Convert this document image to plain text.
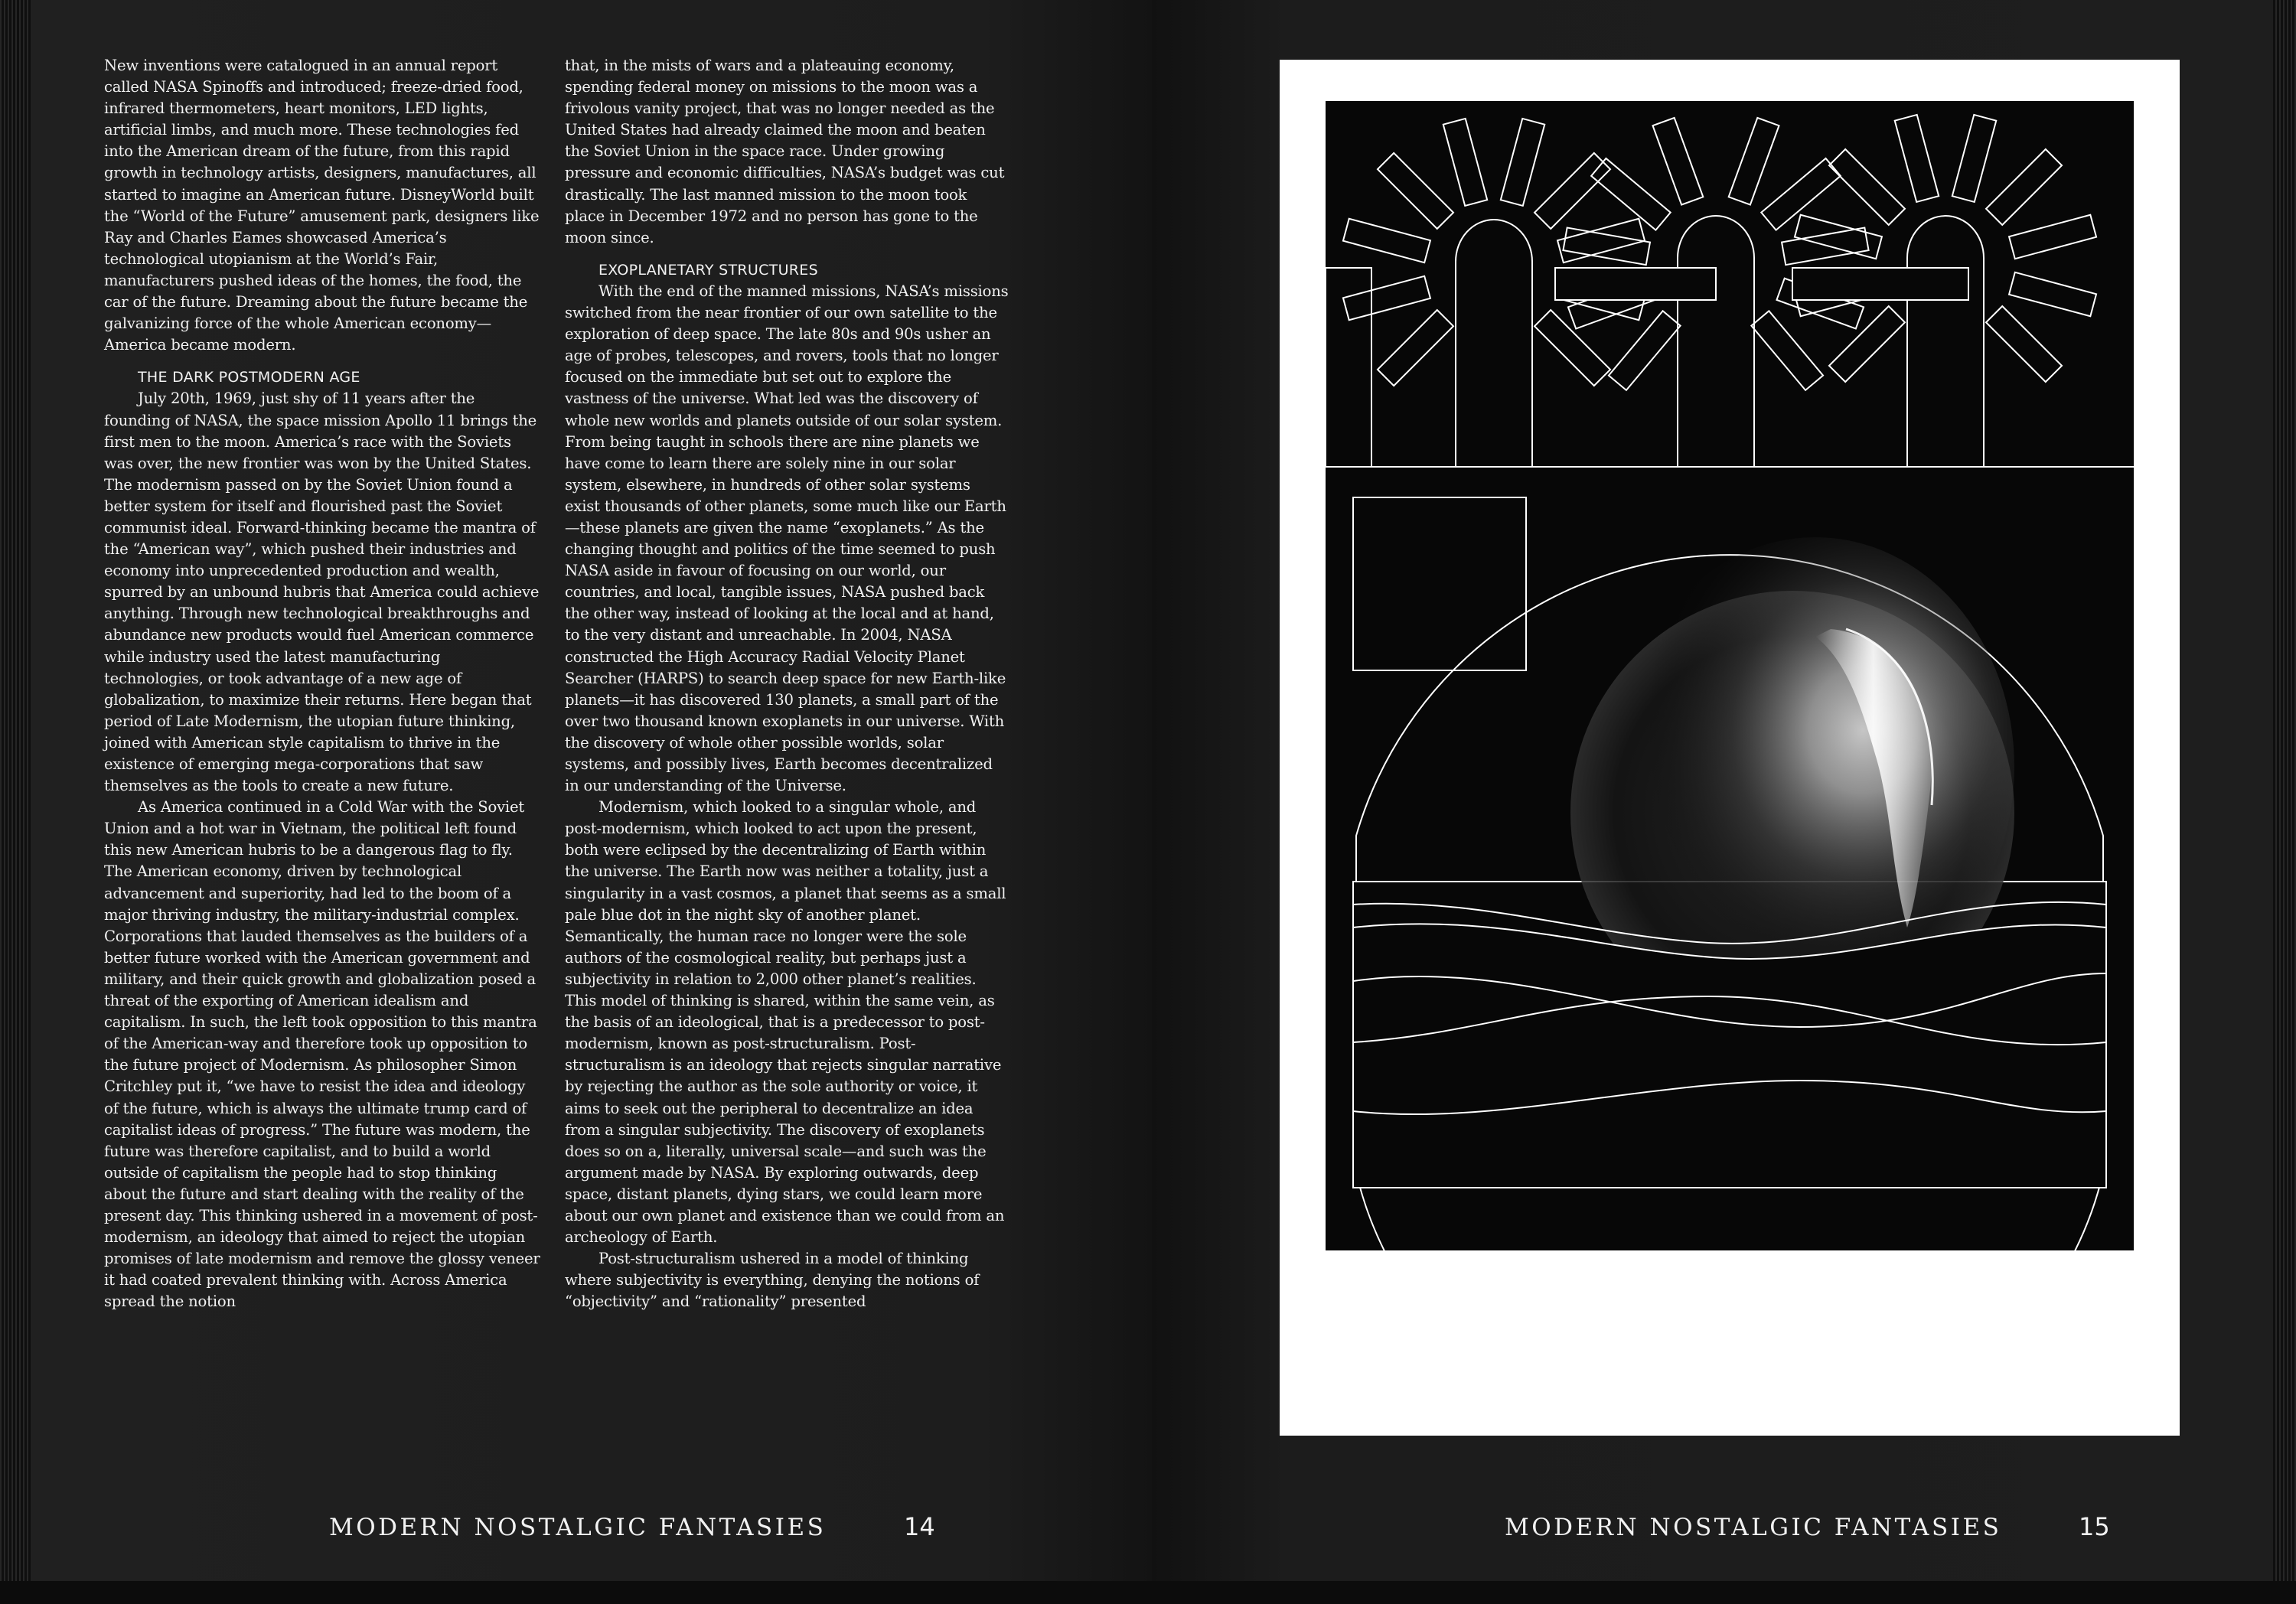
New inventions were catalogued in an annual report called NASA Spinoffs and introduced; freeze-dried food, infrared thermometers, heart monitors, LED lights, artificial limbs, and much more. These technologies fed into the American dream of the future, from this rapid growth in technology artists, designers, manufactures, all started to imagine an American future. DisneyWorld built the “World of the Future” amusement park, designers like Ray and Charles Eames showcased America’s technological utopianism at the World’s Fair, manufacturers pushed ideas of the homes, the food, the car of the future. Dreaming about the future became the galvanizing force of the whole American economy—America became modern.

THE DARK POSTMODERN AGE

July 20th, 1969, just shy of 11 years after the founding of NASA, the space mission Apollo 11 brings the first men to the moon. America’s race with the Soviets was over, the new frontier was won by the United States. The modernism passed on by the Soviet Union found a better system for itself and flourished past the Soviet communist ideal. Forward-thinking became the mantra of the “American way”, which pushed their industries and economy into unprecedented production and wealth, spurred by an unbound hubris that America could achieve anything. Through new technological breakthroughs and abundance new products would fuel American commerce while industry used the latest manufacturing technologies, or took advantage of a new age of globalization, to maximize their returns. Here began that period of Late Modernism, the utopian future thinking, joined with American style capitalism to thrive in the existence of emerging mega-corporations that saw themselves as the tools to create a new future.

As America continued in a Cold War with the Soviet Union and a hot war in Vietnam, the political left found this new American hubris to be a dangerous flag to fly. The American economy, driven by technological advancement and superiority, had led to the boom of a major thriving industry, the military-industrial complex. Corporations that lauded themselves as the builders of a better future worked with the American government and military, and their quick growth and globalization posed a threat of the exporting of American idealism and capitalism. In such, the left took opposition to this mantra of the American-way and therefore took up opposition to the future project of Modernism. As philosopher Simon Critchley put it, “we have to resist the idea and ideology of the future, which is always the ultimate trump card of capitalist ideas of progress.” The future was modern, the future was therefore capitalist, and to build a world outside of capitalism the people had to stop thinking about the future and start dealing with the reality of the present day. This thinking ushered in a movement of post-modernism, an ideology that aimed to reject the utopian promises of late modernism and remove the glossy veneer it had coated prevalent thinking with. Across America spread the notion

that, in the mists of wars and a plateauing economy, spending federal money on missions to the moon was a frivolous vanity project, that was no longer needed as the United States had already claimed the moon and beaten the Soviet Union in the space race. Under growing pressure and economic difficulties, NASA’s budget was cut drastically. The last manned mission to the moon took place in December 1972 and no person has gone to the moon since.

EXOPLANETARY STRUCTURES

With the end of the manned missions, NASA’s missions switched from the near frontier of our own satellite to the exploration of deep space. The late 80s and 90s usher an age of probes, telescopes, and rovers, tools that no longer focused on the immediate but set out to explore the vastness of the universe. What led was the discovery of whole new worlds and planets outside of our solar system. From being taught in schools there are nine planets we have come to learn there are solely nine in our solar system, elsewhere, in hundreds of other solar systems exist thousands of other planets, some much like our Earth—these planets are given the name “exoplanets.” As the changing thought and politics of the time seemed to push NASA aside in favour of focusing on our world, our countries, and local, tangible issues, NASA pushed back the other way, instead of looking at the local and at hand, to the very distant and unreachable. In 2004, NASA constructed the High Accuracy Radial Velocity Planet Searcher (HARPS) to search deep space for new Earth-like planets—it has discovered 130 planets, a small part of the over two thousand known exoplanets in our universe. With the discovery of whole other possible worlds, solar systems, and possibly lives, Earth becomes decentralized in our understanding of the Universe.

Modernism, which looked to a singular whole, and post-modernism, which looked to act upon the present, both were eclipsed by the decentralizing of Earth within the universe. The Earth now was neither a totality, just a singularity in a vast cosmos, a planet that seems as a small pale blue dot in the night sky of another planet. Semantically, the human race no longer were the sole authors of the cosmological reality, but perhaps just a subjectivity in relation to 2,000 other planet’s realities. This model of thinking is shared, within the same vein, as the basis of an ideological, that is a predecessor to post-modernism, known as post-structuralism. Post-structuralism is an ideology that rejects singular narrative by rejecting the author as the sole authority or voice, it aims to seek out the peripheral to decentralize an idea from a singular subjectivity. The discovery of exoplanets does so on a, literally, universal scale—and such was the argument made by NASA. By exploring outwards, deep space, distant planets, dying stars, we could learn more about our own planet and existence than we could from an archeology of Earth.

Post-structuralism ushered in a model of thinking where subjectivity is everything, denying the notions of “objectivity” and “rationality” presented

MODERN NOSTALGIC FANTASIES	14	MODERN NOSTALGIC FANTASIES	15
